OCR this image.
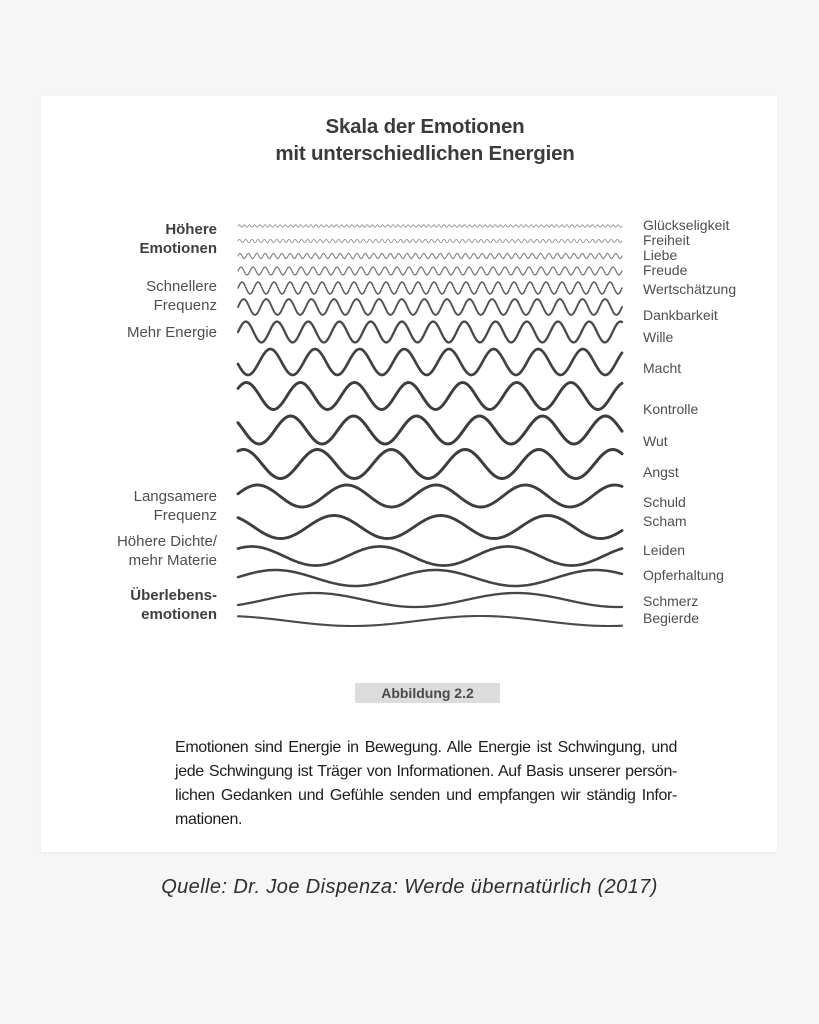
Skala der Emotionen
mit unterschiedlichen Energien
Höhere
Emotionen
Schnellere
Frequenz
Mehr Energie
Langsamere
Frequenz
Höhere Dichte/
mehr Materie
Überlebens-
emotionen
Glückseligkeit
Freiheit
Liebe
Freude
Wertschätzung
Dankbarkeit
Wille
Macht
Kontrolle
Wut
Angst
Schuld
Scham
Leiden
Opferhaltung
Schmerz
Begierde
Abbildung 2.2
Emotionen sind Energie in Bewegung. Alle Energie ist Schwingung, und
jede Schwingung ist Träger von Informationen. Auf Basis unserer persön-
lichen Gedanken und Gefühle senden und empfangen wir ständig Infor-
mationen.
Quelle: Dr. Joe Dispenza: Werde übernatürlich (2017)
